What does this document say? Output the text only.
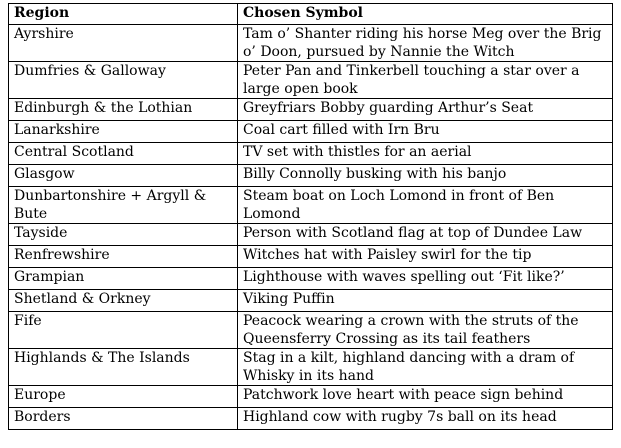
Region	Chosen Symbol
Ayrshire	Tam o’ Shanter riding his horse Meg over the Brig o’ Doon, pursued by Nannie the Witch
Dumfries & Galloway	Peter Pan and Tinkerbell touching a star over a large open book
Edinburgh & the Lothian	Greyfriars Bobby guarding Arthur’s Seat
Lanarkshire	Coal cart filled with Irn Bru
Central Scotland	TV set with thistles for an aerial
Glasgow	Billy Connolly busking with his banjo
Dunbartonshire + Argyll & Bute	Steam boat on Loch Lomond in front of Ben Lomond
Tayside	Person with Scotland flag at top of Dundee Law
Renfrewshire	Witches hat with Paisley swirl for the tip
Grampian	Lighthouse with waves spelling out ‘Fit like?’
Shetland & Orkney	Viking Puffin
Fife	Peacock wearing a crown with the struts of the Queensferry Crossing as its tail feathers
Highlands & The Islands	Stag in a kilt, highland dancing with a dram of Whisky in its hand
Europe	Patchwork love heart with peace sign behind
Borders	Highland cow with rugby 7s ball on its head
